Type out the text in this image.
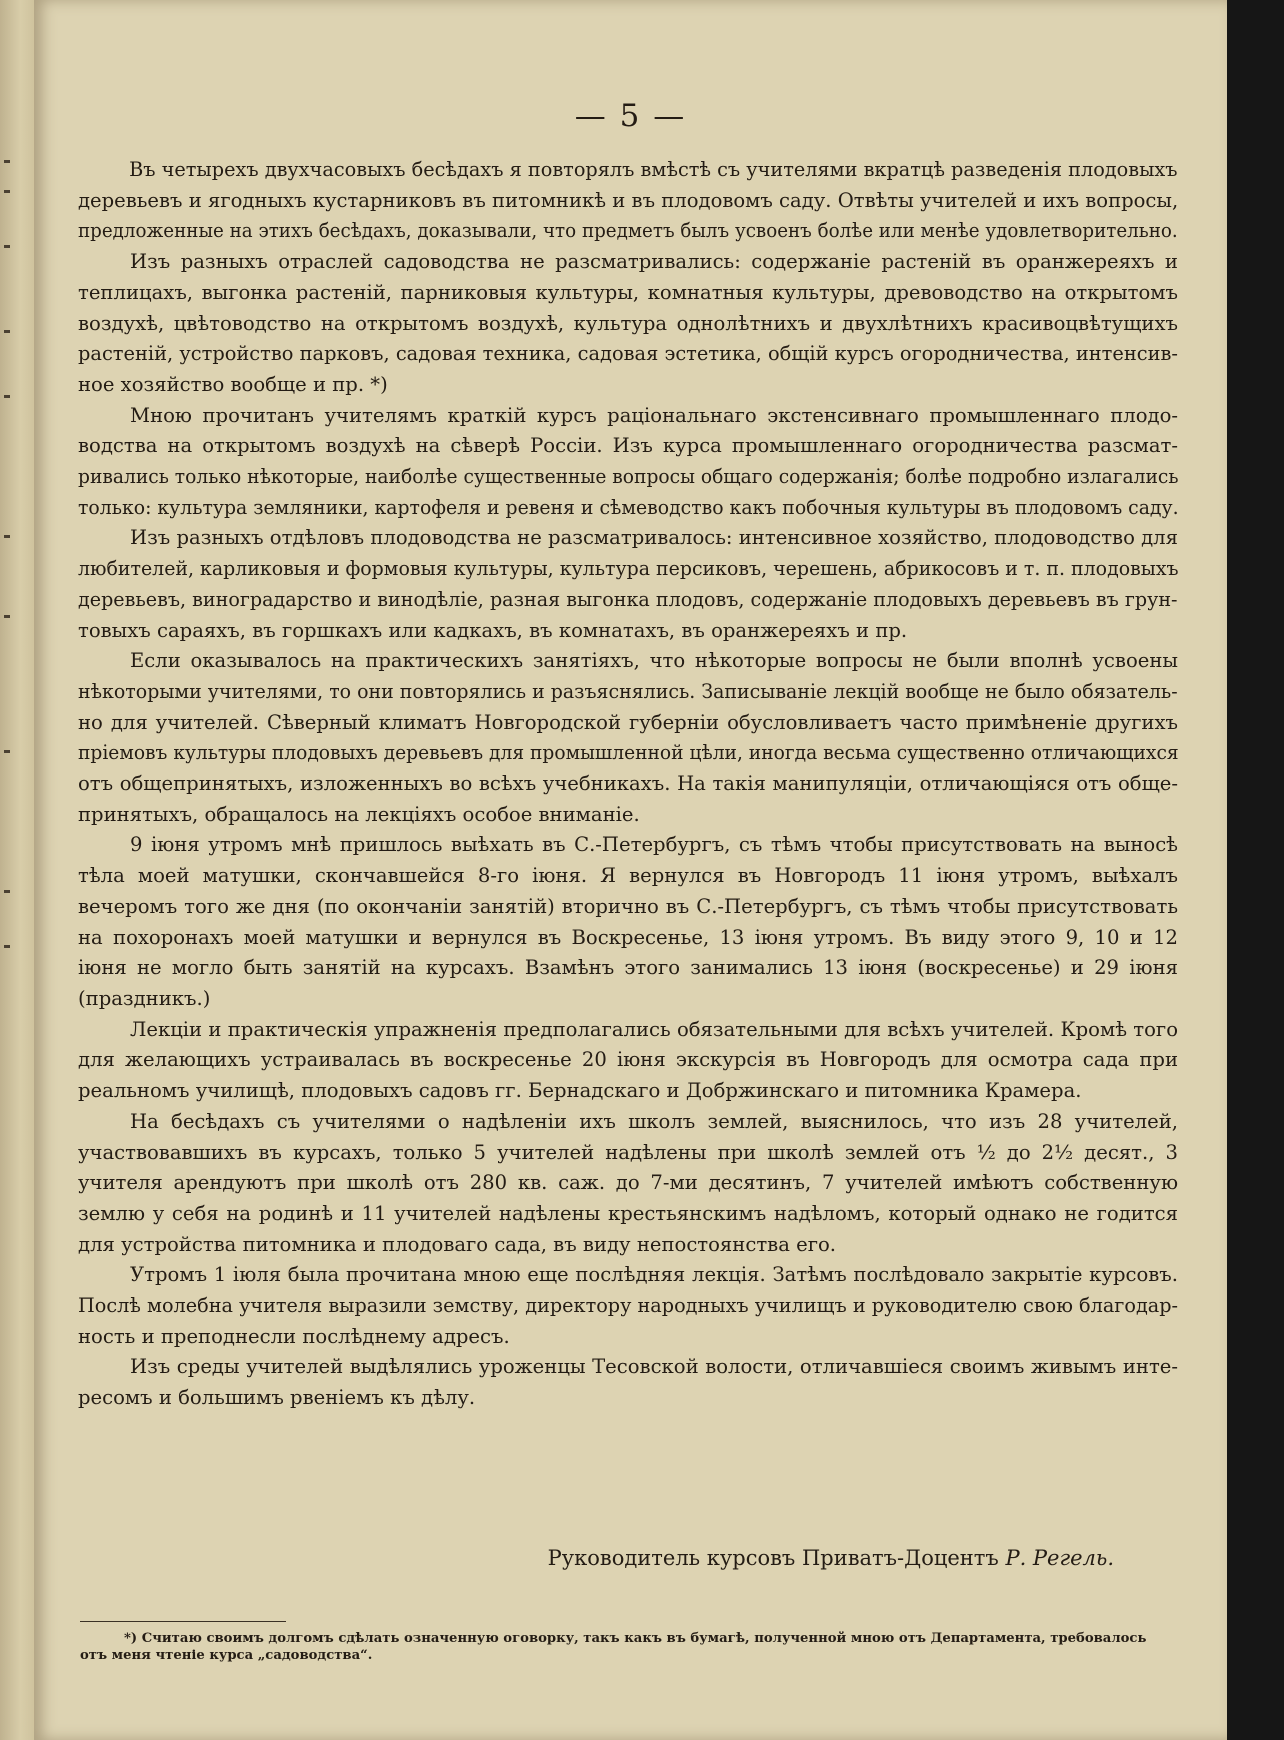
— 5 —

Въ четырехъ двухчасовыхъ бесѣдахъ я повторялъ вмѣстѣ съ учителями вкратцѣ разведенія плодовыхъ
деревьевъ и ягодныхъ кустарниковъ въ питомникѣ и въ плодовомъ саду. Отвѣты учителей и ихъ вопросы,
предложенные на этихъ бесѣдахъ, доказывали, что предметъ былъ усвоенъ болѣе или менѣе удовлетворительно.

Изъ разныхъ отраслей садоводства не разсматривались: содержаніе растеній въ оранжереяхъ и
теплицахъ, выгонка растеній, парниковыя культуры, комнатныя культуры, древоводство на открытомъ
воздухѣ, цвѣтоводство на открытомъ воздухѣ, культура однолѣтнихъ и двухлѣтнихъ красивоцвѣтущихъ
растеній, устройство парковъ, садовая техника, садовая эстетика, общій курсъ огородничества, интенсив-
ное хозяйство вообще и пр. *)

Мною прочитанъ учителямъ краткій курсъ раціональнаго экстенсивнаго промышленнаго плодо-
водства на открытомъ воздухѣ на сѣверѣ Россіи. Изъ курса промышленнаго огородничества разсмат-
ривались только нѣкоторые, наиболѣе существенные вопросы общаго содержанія; болѣе подробно излагались
только: культура земляники, картофеля и ревеня и сѣмеводство какъ побочныя культуры въ плодовомъ саду.

Изъ разныхъ отдѣловъ плодоводства не разсматривалось: интенсивное хозяйство, плодоводство для
любителей, карликовыя и формовыя культуры, культура персиковъ, черешень, абрикосовъ и т. п. плодовыхъ
деревьевъ, виноградарство и винодѣліе, разная выгонка плодовъ, содержаніе плодовыхъ деревьевъ въ грун-
товыхъ сараяхъ, въ горшкахъ или кадкахъ, въ комнатахъ, въ оранжереяхъ и пр.

Если оказывалось на практическихъ занятіяхъ, что нѣкоторые вопросы не были вполнѣ усвоены
нѣкоторыми учителями, то они повторялись и разъяснялись. Записываніе лекцій вообще не было обязатель-
но для учителей. Сѣверный климатъ Новгородской губерніи обусловливаетъ часто примѣненіе другихъ
пріемовъ культуры плодовыхъ деревьевъ для промышленной цѣли, иногда весьма существенно отличающихся
отъ общепринятыхъ, изложенныхъ во всѣхъ учебникахъ. На такія манипуляціи, отличающіяся отъ обще-
принятыхъ, обращалось на лекціяхъ особое вниманіе.

9 іюня утромъ мнѣ пришлось выѣхать въ С.-Петербургъ, съ тѣмъ чтобы присутствовать на выносѣ
тѣла моей матушки, скончавшейся 8-го іюня. Я вернулся въ Новгородъ 11 іюня утромъ, выѣхалъ
вечеромъ того же дня (по окончаніи занятій) вторично въ С.-Петербургъ, съ тѣмъ чтобы присутствовать
на похоронахъ моей матушки и вернулся въ Воскресенье, 13 іюня утромъ. Въ виду этого 9, 10 и 12
іюня не могло быть занятій на курсахъ. Взамѣнъ этого занимались 13 іюня (воскресенье) и 29 іюня
(праздникъ.)

Лекціи и практическія упражненія предполагались обязательными для всѣхъ учителей. Кромѣ того
для желающихъ устраивалась въ воскресенье 20 іюня экскурсія въ Новгородъ для осмотра сада при
реальномъ училищѣ, плодовыхъ садовъ гг. Бернадскаго и Добржинскаго и питомника Крамера.

На бесѣдахъ съ учителями о надѣленіи ихъ школъ землей, выяснилось, что изъ 28 учителей,
участвовавшихъ въ курсахъ, только 5 учителей надѣлены при школѣ землей отъ ½ до 2½ десят., 3
учителя арендуютъ при школѣ отъ 280 кв. саж. до 7-ми десятинъ, 7 учителей имѣютъ собственную
землю у себя на родинѣ и 11 учителей надѣлены крестьянскимъ надѣломъ, который однако не годится
для устройства питомника и плодоваго сада, въ виду непостоянства его.

Утромъ 1 іюля была прочитана мною еще послѣдняя лекція. Затѣмъ послѣдовало закрытіе курсовъ.
Послѣ молебна учителя выразили земству, директору народныхъ училищъ и руководителю свою благодар-
ность и преподнесли послѣднему адресъ.

Изъ среды учителей выдѣлялись уроженцы Тесовской волости, отличавшіеся своимъ живымъ инте-
ресомъ и большимъ рвеніемъ къ дѣлу.

Руководитель курсовъ Приватъ-Доцентъ Р. Регель.
*) Считаю своимъ долгомъ сдѣлать означенную оговорку, такъ какъ въ бумагѣ, полученной мною отъ Департамента, требовалось
отъ меня чтеніе курса „садоводства“.
